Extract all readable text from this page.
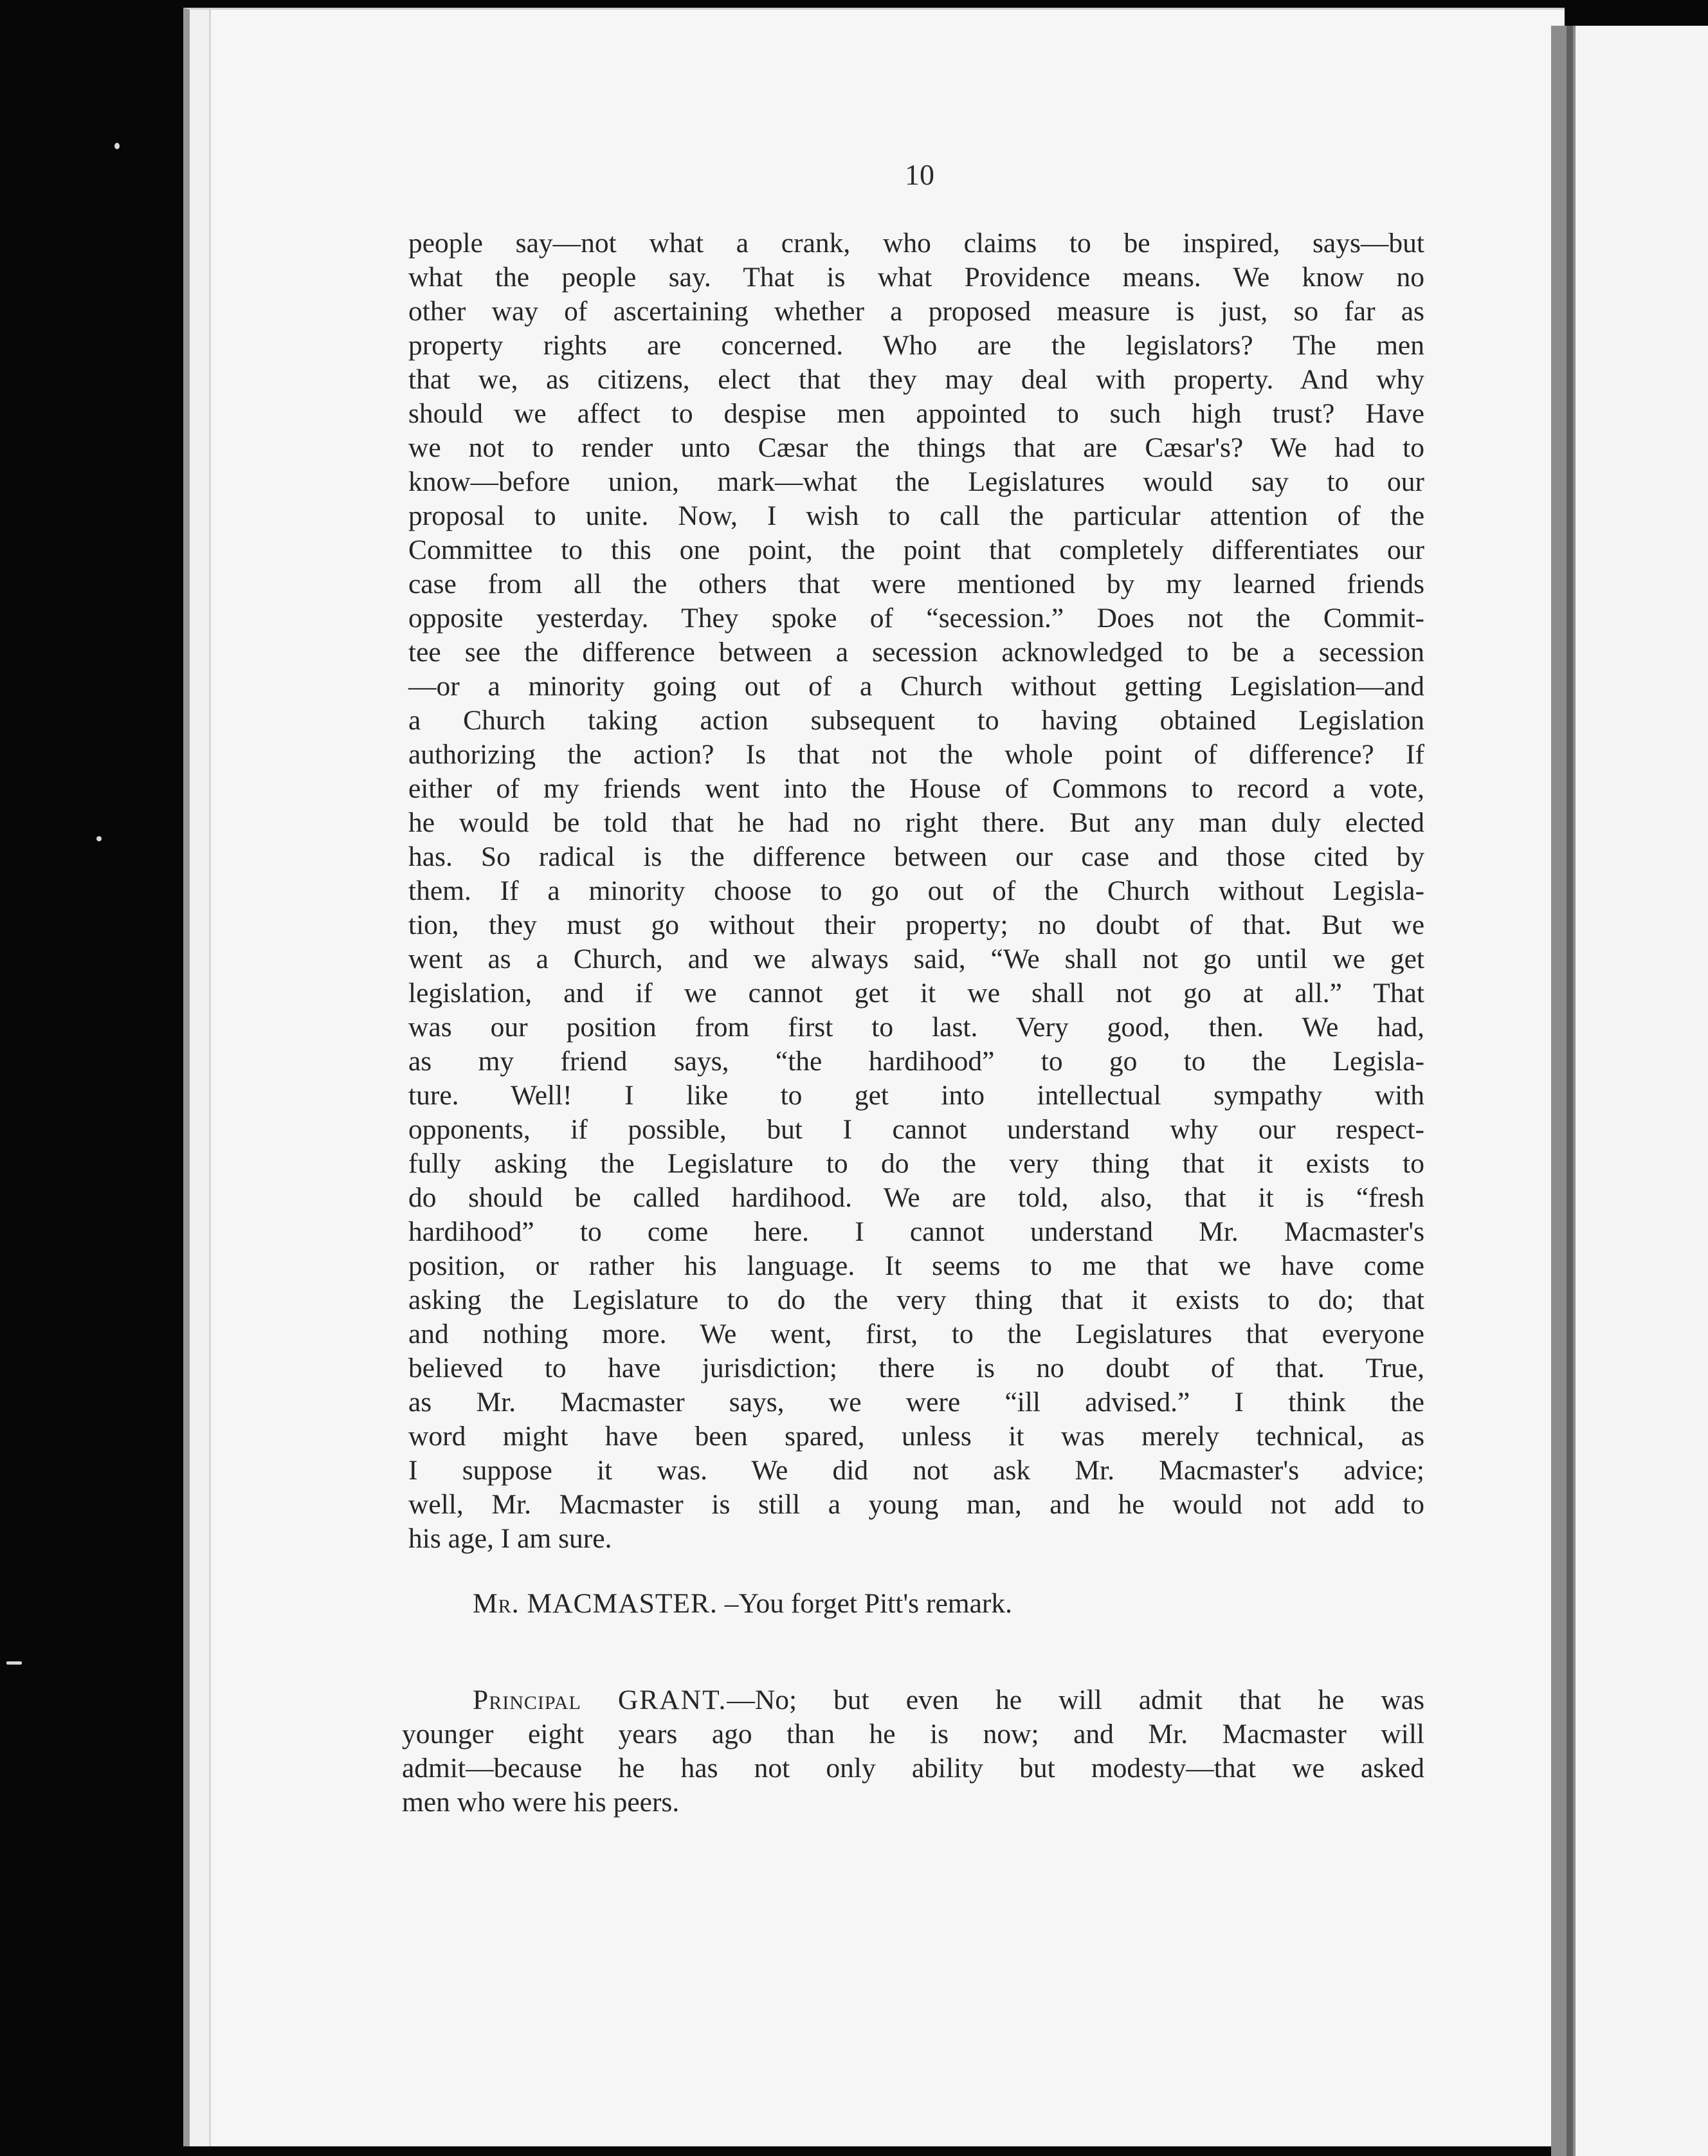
10
people say—not what a crank, who claims to be inspired, says—but
what the people say. That is what Providence means. We know no
other way of ascertaining whether a proposed measure is just, so far as
property rights are concerned. Who are the legislators? The men
that we, as citizens, elect that they may deal with property. And why
should we affect to despise men appointed to such high trust? Have
we not to render unto Cæsar the things that are Cæsar's? We had to
know—before union, mark—what the Legislatures would say to our
proposal to unite. Now, I wish to call the particular attention of the
Committee to this one point, the point that completely differentiates our
case from all the others that were mentioned by my learned friends
opposite yesterday. They spoke of “secession.” Does not the Commit-
tee see the difference between a secession acknowledged to be a secession
—or a minority going out of a Church without getting Legislation—and
a Church taking action subsequent to having obtained Legislation
authorizing the action? Is that not the whole point of difference? If
either of my friends went into the House of Commons to record a vote,
he would be told that he had no right there. But any man duly elected
has. So radical is the difference between our case and those cited by
them. If a minority choose to go out of the Church without Legisla-
tion, they must go without their property; no doubt of that. But we
went as a Church, and we always said, “We shall not go until we get
legislation, and if we cannot get it we shall not go at all.” That
was our position from first to last. Very good, then. We had,
as my friend says, “the hardihood” to go to the Legisla-
ture. Well! I like to get into intellectual sympathy with
opponents, if possible, but I cannot understand why our respect-
fully asking the Legislature to do the very thing that it exists to
do should be called hardihood. We are told, also, that it is “fresh
hardihood” to come here. I cannot understand Mr. Macmaster's
position, or rather his language. It seems to me that we have come
asking the Legislature to do the very thing that it exists to do; that
and nothing more. We went, first, to the Legislatures that everyone
believed to have jurisdiction; there is no doubt of that. True,
as Mr. Macmaster says, we were “ill advised.” I think the
word might have been spared, unless it was merely technical, as
I suppose it was. We did not ask Mr. Macmaster's advice;
well, Mr. Macmaster is still a young man, and he would not add to
his age, I am sure.
Mr. MACMASTER. –You forget Pitt's remark.
Principal GRANT.—No; but even he will admit that he was
younger eight years ago than he is now; and Mr. Macmaster will
admit—because he has not only ability but modesty—that we asked
men who were his peers.
